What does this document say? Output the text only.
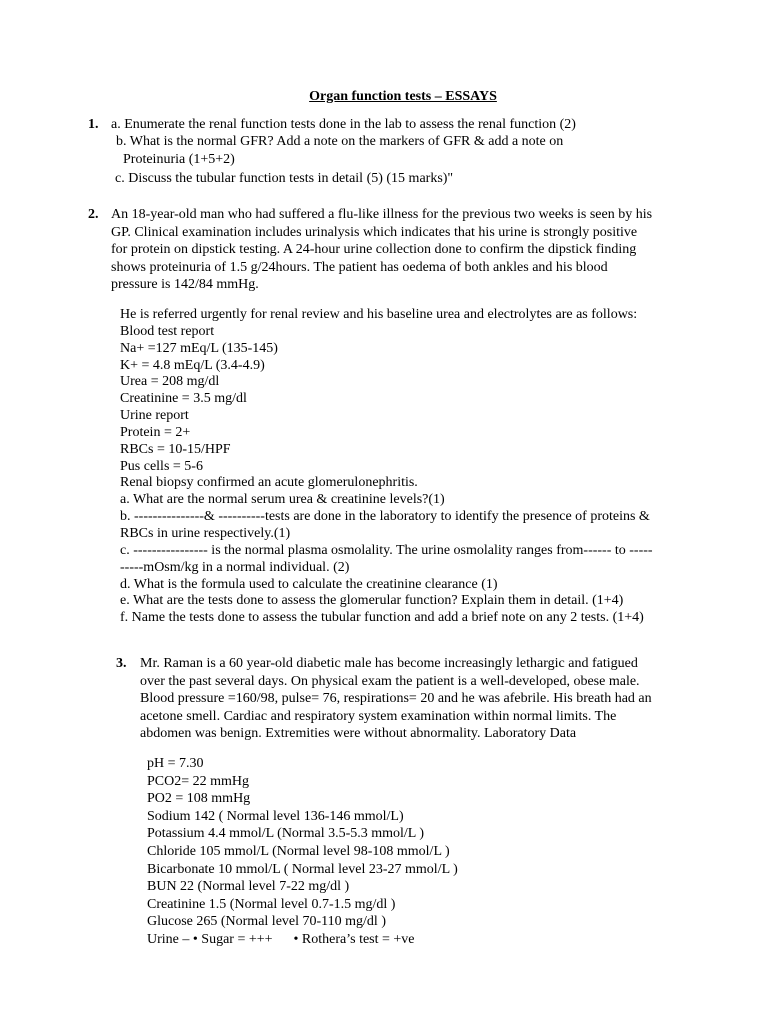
Organ function tests – ESSAYS
1. a. Enumerate the renal function tests done in the lab to assess the renal function (2)
b. What is the normal GFR? Add a note on the markers of GFR & add a note on
Proteinuria (1+5+2)
c. Discuss the tubular function tests in detail (5) (15 marks)"
2. An 18-year-old man who had suffered a flu-like illness for the previous two weeks is seen by his
GP. Clinical examination includes urinalysis which indicates that his urine is strongly positive
for protein on dipstick testing. A 24-hour urine collection done to confirm the dipstick finding
shows proteinuria of 1.5 g/24hours. The patient has oedema of both ankles and his blood
pressure is 142/84 mmHg.
He is referred urgently for renal review and his baseline urea and electrolytes are as follows:
Blood test report
Na+ =127 mEq/L (135-145)
K+ = 4.8 mEq/L (3.4-4.9)
Urea = 208 mg/dl
Creatinine = 3.5 mg/dl
Urine report
Protein = 2+
RBCs = 10-15/HPF
Pus cells = 5-6
Renal biopsy confirmed an acute glomerulonephritis.
a. What are the normal serum urea & creatinine levels?(1)
b. ---------------& ----------tests are done in the laboratory to identify the presence of proteins &
RBCs in urine respectively.(1)
c. ---------------- is the normal plasma osmolality. The urine osmolality ranges from------ to -----
-----mOsm/kg in a normal individual. (2)
d. What is the formula used to calculate the creatinine clearance (1)
e. What are the tests done to assess the glomerular function? Explain them in detail. (1+4)
f. Name the tests done to assess the tubular function and add a brief note on any 2 tests. (1+4)
3. Mr. Raman is a 60 year-old diabetic male has become increasingly lethargic and fatigued
over the past several days. On physical exam the patient is a well-developed, obese male.
Blood pressure =160/98, pulse= 76, respirations= 20 and he was afebrile. His breath had an
acetone smell. Cardiac and respiratory system examination within normal limits. The
abdomen was benign. Extremities were without abnormality. Laboratory Data
pH = 7.30
PCO2= 22 mmHg
PO2 = 108 mmHg
Sodium 142 ( Normal level 136-146 mmol/L)
Potassium 4.4 mmol/L (Normal 3.5-5.3 mmol/L )
Chloride 105 mmol/L (Normal level 98-108 mmol/L )
Bicarbonate 10 mmol/L ( Normal level 23-27 mmol/L )
BUN 22 (Normal level 7-22 mg/dl )
Creatinine 1.5 (Normal level 0.7-1.5 mg/dl )
Glucose 265 (Normal level 70-110 mg/dl )
Urine – • Sugar = +++      • Rothera’s test = +ve
